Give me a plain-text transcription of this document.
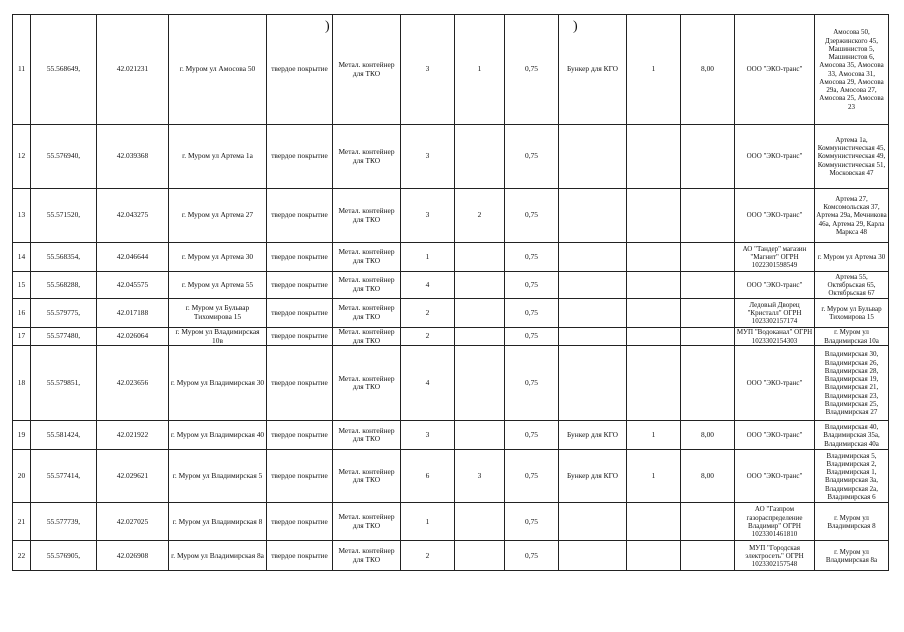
11	55.568649,	42.021231	г. Муром ул Амосова 50	твердое покрытие	Метал. контейнер для ТКО	3	1	0,75	Бункер для КГО	1	8,00	ООО "ЭКО-транс"	Амосова 50, Дзержинского 45, Машинистов 5, Машинистов 6, Амосова 35, Амосова 33, Амосова 31, Амосова 29, Амосова 29а, Амосова 27, Амосова 25, Амосова 23
12	55.576940,	42.039368	г. Муром ул Артема 1а	твердое покрытие	Метал. контейнер для ТКО	3		0,75				ООО "ЭКО-транс"	Артема 1а, Коммунистическая 45, Коммунистическая 49, Коммунистическая 51, Московская 47
13	55.571520,	42.043275	г. Муром ул Артема 27	твердое покрытие	Метал. контейнер для ТКО	3	2	0,75				ООО "ЭКО-транс"	Артема 27, Комсомольская 37, Артема 29а, Мечникова 46а, Артема 29, Карла Маркса 48
14	55.568354,	42.046644	г. Муром ул Артема 30	твердое покрытие	Метал. контейнер для ТКО	1		0,75				АО "Тандер" магазин "Магнит" ОГРН 1022301598549	г. Муром ул Артема 30
15	55.568288,	42.045575	г. Муром ул Артема 55	твердое покрытие	Метал. контейнер для ТКО	4		0,75				ООО "ЭКО-транс"	Артема 55, Октябрьская 65, Октябрьская 67
16	55.579775,	42.017188	г. Муром ул Бульвар Тихомирова 15	твердое покрытие	Метал. контейнер для ТКО	2		0,75				Ледовый Дворец "Кристалл" ОГРН 1023302157174	г. Муром ул Бульвар Тихомирова 15
17	55.577480,	42.026064	г. Муром ул Владимирская 10в	твердое покрытие	Метал. контейнер для ТКО	2		0,75				МУП "Водоканал" ОГРН 1023302154303	г. Муром ул Владимирская 10а
18	55.579851,	42.023656	г. Муром ул Владимирская 30	твердое покрытие	Метал. контейнер для ТКО	4		0,75				ООО "ЭКО-транс"	Владимирская 30, Владимирская 26, Владимирская 28, Владимирская 19, Владимирская 21, Владимирская 23, Владимирская 25, Владимирская 27
19	55.581424,	42.021922	г. Муром ул Владимирская 40	твердое покрытие	Метал. контейнер для ТКО	3		0,75	Бункер для КГО	1	8,00	ООО "ЭКО-транс"	Владимирская 40, Владимирская 35а, Владимирская 40а
20	55.577414,	42.029621	г. Муром ул Владимирская 5	твердое покрытие	Метал. контейнер для ТКО	6	3	0,75	Бункер для КГО	1	8,00	ООО "ЭКО-транс"	Владимирская 5, Владимирская 2, Владимирская 1, Владимирская 3а, Владимирская 2а, Владимирская 6
21	55.577739,	42.027025	г. Муром ул Владимирская 8	твердое покрытие	Метал. контейнер для ТКО	1		0,75				АО "Газпром газораспределение Владимир" ОГРН 1023301461810	г. Муром ул Владимирская 8
22	55.576905,	42.026908	г. Муром ул Владимирская 8а	твердое покрытие	Метал. контейнер для ТКО	2		0,75				МУП "Городская электросеть" ОГРН 1023302157548	г. Муром ул Владимирская 8а
)	)
